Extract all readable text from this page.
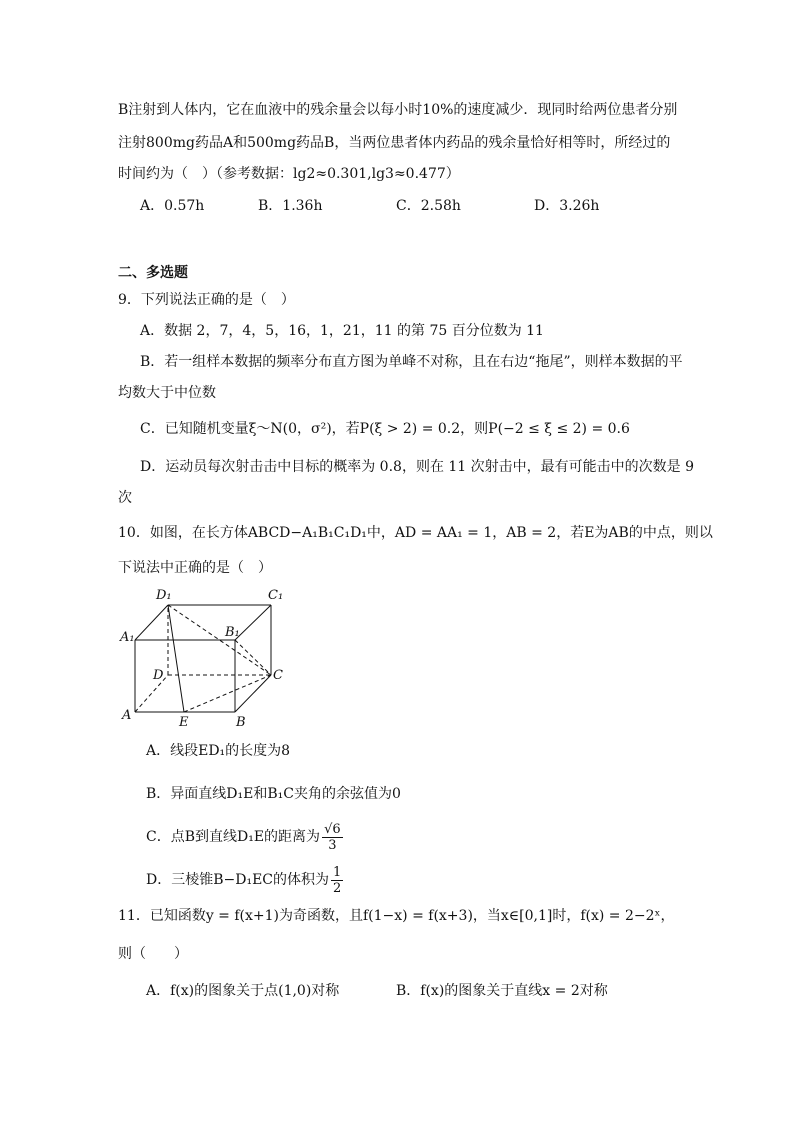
B注射到人体内，它在血液中的残余量会以每小时10%的速度减少．现同时给两位患者分别
注射800mg药品A和500mg药品B，当两位患者体内药品的残余量恰好相等时，所经过的
时间约为（　）（参考数据：lg2≈0.301,lg3≈0.477）
A．0.57h	B．1.36h	C．2.58h	D．3.26h
二、多选题
9．下列说法正确的是（　）
A．数据 2，7，4，5，16，1，21，11 的第 75 百分位数为 11
B．若一组样本数据的频率分布直方图为单峰不对称，且在右边“拖尾”，则样本数据的平
均数大于中位数
C．已知随机变量ξ～N(0，σ²)，若P(ξ > 2) = 0.2，则P(−2 ≤ ξ ≤ 2) = 0.6
D．运动员每次射击击中目标的概率为 0.8，则在 11 次射击中，最有可能击中的次数是 9
次
10．如图，在长方体ABCD−A₁B₁C₁D₁中，AD = AA₁ = 1，AB = 2，若E为AB的中点，则以
下说法中正确的是（　）
D₁	C₁
A₁	B₁
D	C
A	E	B
A．线段ED₁的长度为8
B．异面直线D₁E和B₁C夹角的余弦值为0
C．点B到直线D₁E的距离为 $\frac{√6}{3}$
D．三棱锥B−D₁EC的体积为 $\frac{1}{2}$
11．已知函数y = f(x+1)为奇函数，且f(1−x) = f(x+3)，当x∈[0,1]时，f(x) = 2−2ˣ，
则（　　）
A．f(x)的图象关于点(1,0)对称	B．f(x)的图象关于直线x = 2对称
